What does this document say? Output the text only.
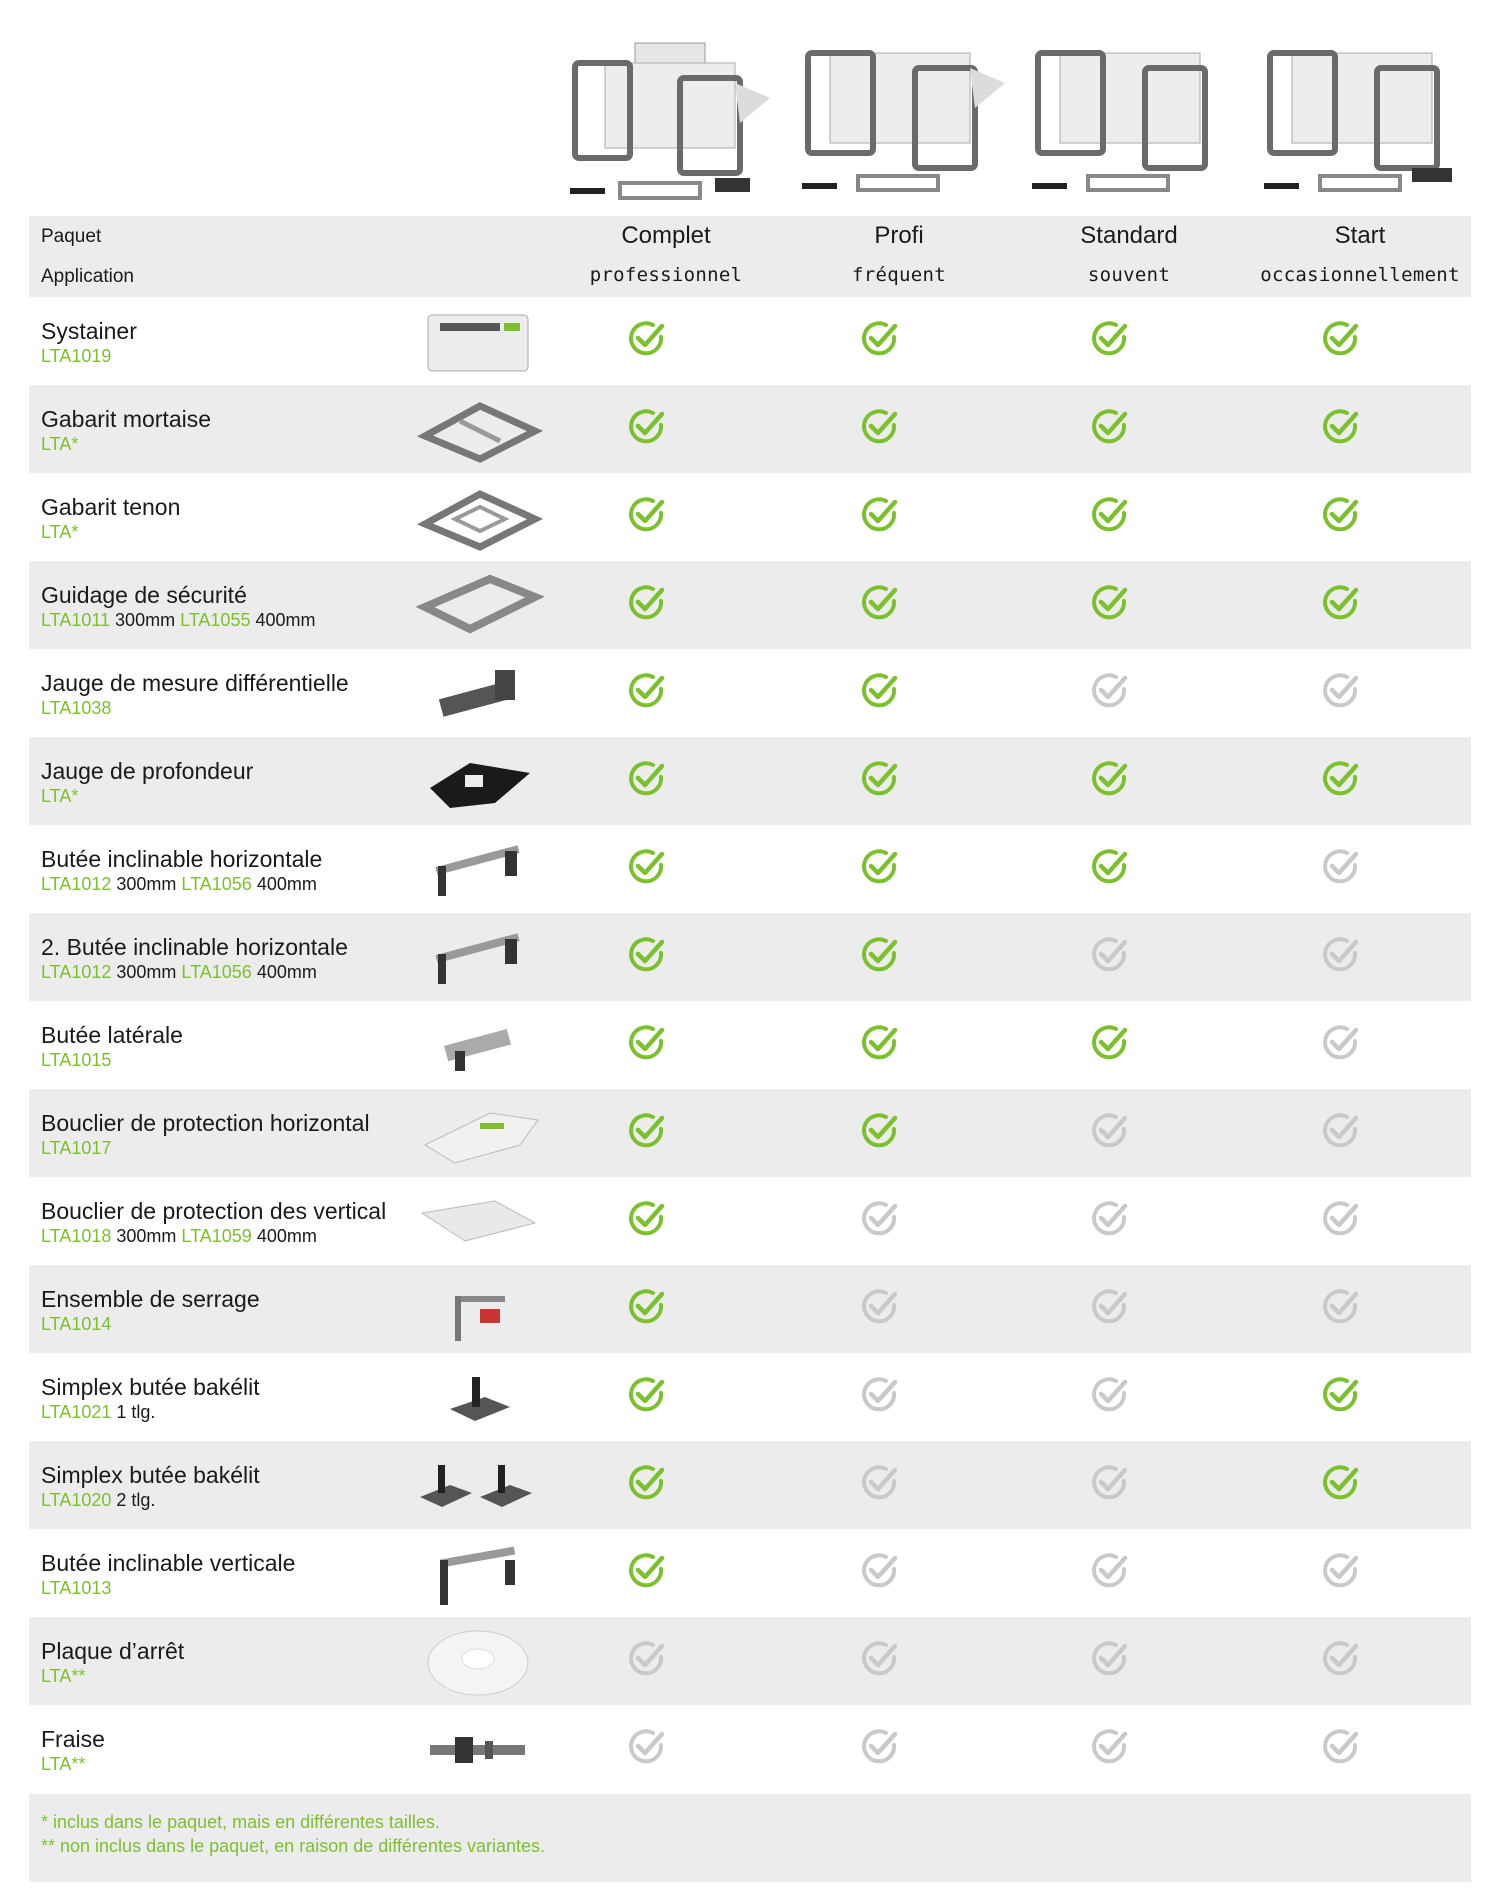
Paquet
Application
Complet
professionnel
Profi
fréquent
Standard
souvent
Start
occasionnellement
Systainer
LTA1019
Gabarit mortaise
LTA*
Gabarit tenon
LTA*
Guidage de sécurité
LTA1011 300mm LTA1055 400mm
Jauge de mesure différentielle
LTA1038
Jauge de profondeur
LTA*
Butée inclinable horizontale
LTA1012 300mm LTA1056 400mm
2. Butée inclinable horizontale
LTA1012 300mm LTA1056 400mm
Butée latérale
LTA1015
Bouclier de protection horizontal
LTA1017
Bouclier de protection des vertical
LTA1018 300mm LTA1059 400mm
Ensemble de serrage
LTA1014
Simplex butée bakélit
LTA1021 1 tlg.
Simplex butée bakélit
LTA1020 2 tlg.
Butée inclinable verticale
LTA1013
Plaque d’arrêt
LTA**
Fraise
LTA**
* inclus dans le paquet, mais en différentes tailles.
** non inclus dans le paquet, en raison de différentes variantes.
